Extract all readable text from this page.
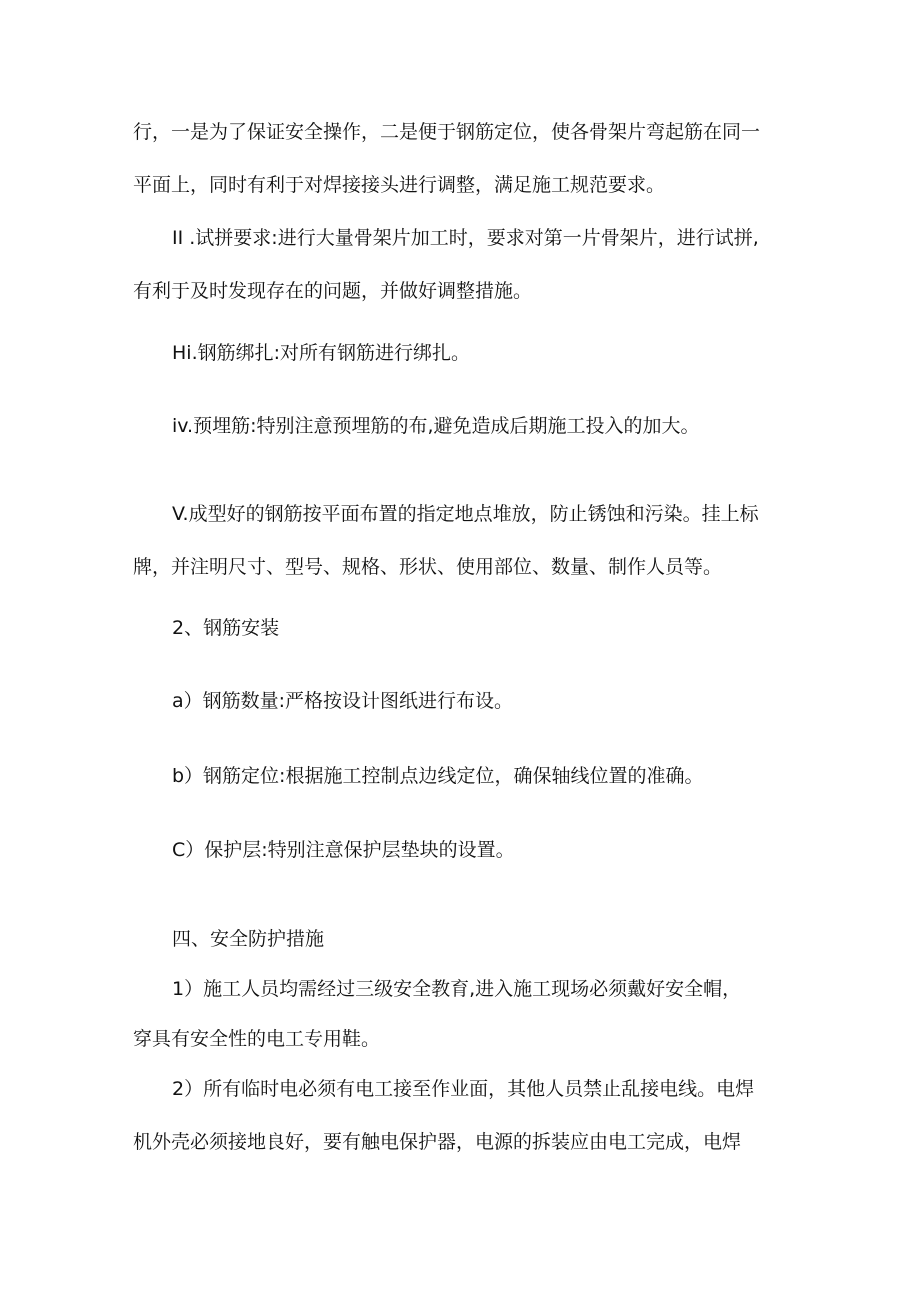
行，一是为了保证安全操作，二是便于钢筋定位，使各骨架片弯起筋在同一

平面上，同时有利于对焊接接头进行调整，满足施工规范要求。

II .试拼要求:进行大量骨架片加工时，要求对第一片骨架片，进行试拼,

有利于及时发现存在的问题，并做好调整措施。

Hi.钢筋绑扎:对所有钢筋进行绑扎。

iv.预埋筋:特别注意预埋筋的布,避免造成后期施工投入的加大。

V.成型好的钢筋按平面布置的指定地点堆放，防止锈蚀和污染。挂上标

牌，并注明尺寸、型号、规格、形状、使用部位、数量、制作人员等。

2、钢筋安装

a）钢筋数量:严格按设计图纸进行布设。

b）钢筋定位:根据施工控制点边线定位，确保轴线位置的准确。

C）保护层:特别注意保护层垫块的设置。

四、安全防护措施

1）施工人员均需经过三级安全教育,进入施工现场必须戴好安全帽，

穿具有安全性的电工专用鞋。

2）所有临时电必须有电工接至作业面，其他人员禁止乱接电线。电焊

机外壳必须接地良好，要有触电保护器，电源的拆装应由电工完成，电焊
